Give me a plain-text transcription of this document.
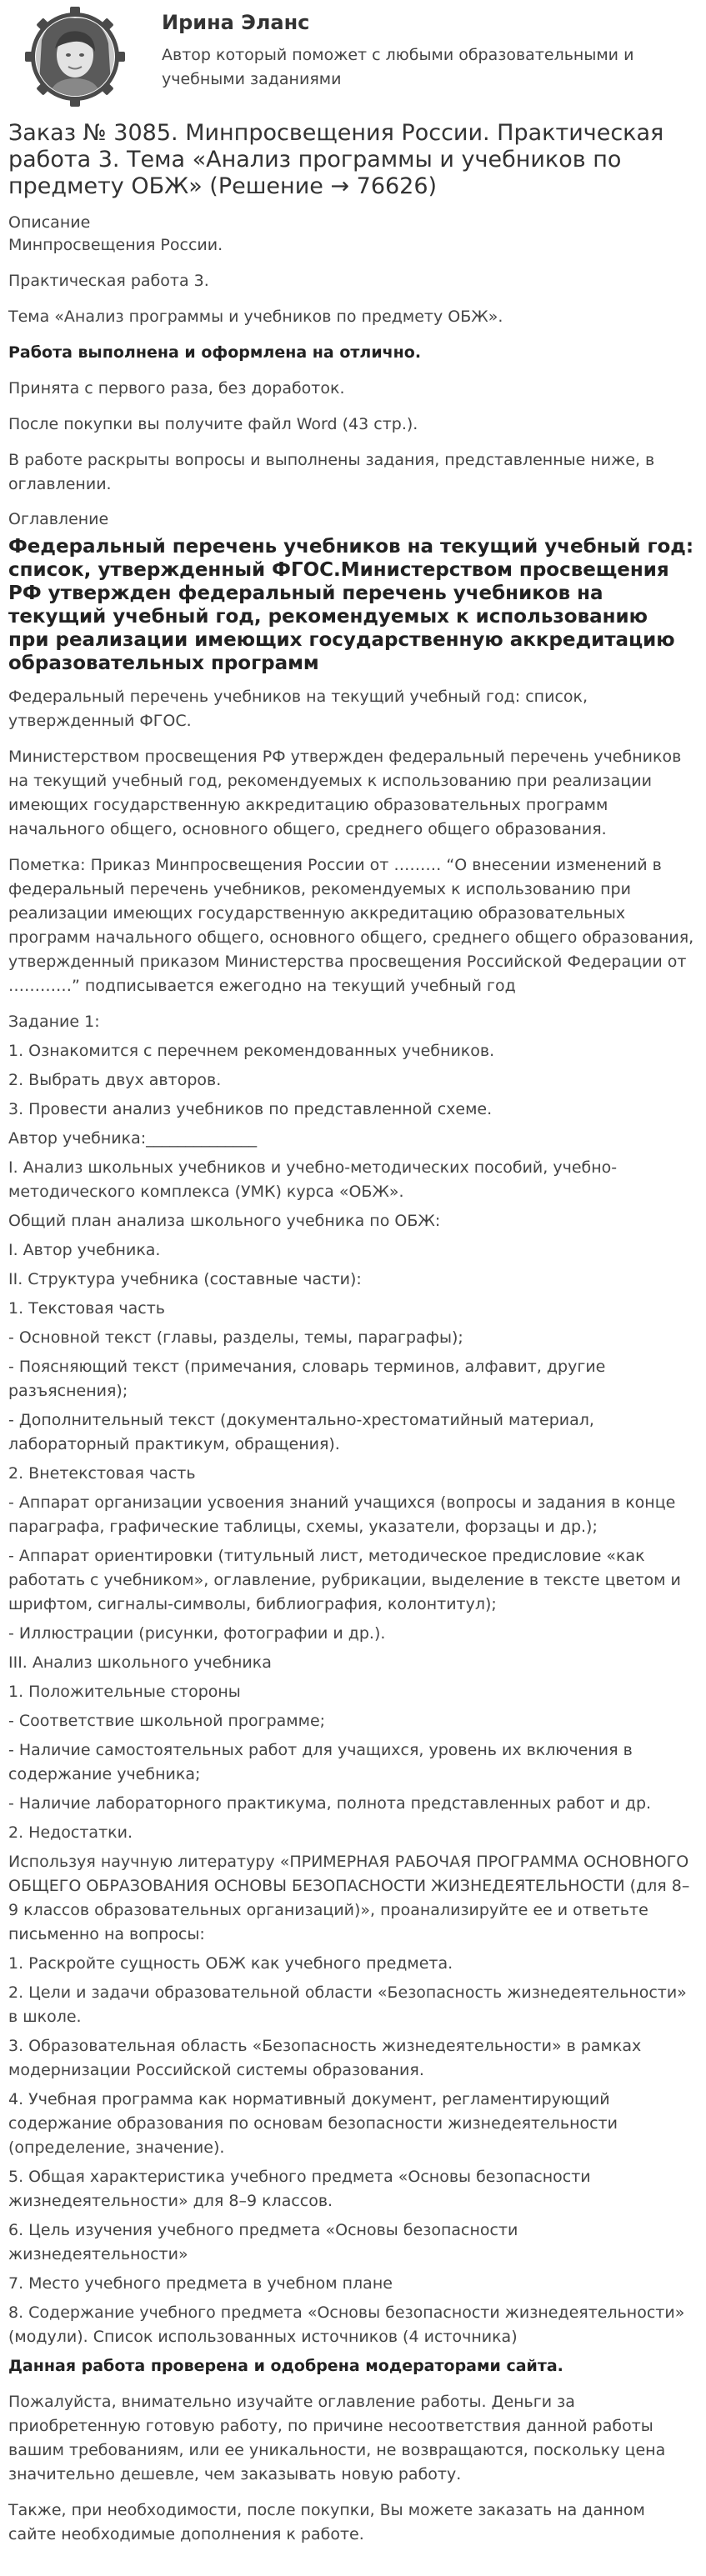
Ирина Эланс

Автор который поможет с любыми образовательными и учебными заданиями

Заказ № 3085. Минпросвещения России. Практическая работа 3. Тема «Анализ программы и учебников по предмету ОБЖ» (Решение → 76626)

Описание

Минпросвещения России.

Практическая работа 3.

Тема «Анализ программы и учебников по предмету ОБЖ».

Работа выполнена и оформлена на отлично.

Принята с первого раза, без доработок.

После покупки вы получите файл Word (43 стр.).

В работе раскрыты вопросы и выполнены задания, представленные ниже, в оглавлении.

Оглавление

Федеральный перечень учебников на текущий учебный год: список, утвержденный ФГОС.Министерством просвещения РФ утвержден федеральный перечень учебников на текущий учебный год, рекомендуемых к использованию при реализации имеющих государственную аккредитацию образовательных программ

Федеральный перечень учебников на текущий учебный год: список, утвержденный ФГОС.

Министерством просвещения РФ утвержден федеральный перечень учебников на текущий учебный год, рекомендуемых к использованию при реализации имеющих государственную аккредитацию образовательных программ начального общего, основного общего, среднего общего образования.

Пометка: Приказ Минпросвещения России от ……… “О внесении изменений в федеральный перечень учебников, рекомендуемых к использованию при реализации имеющих государственную аккредитацию образовательных программ начального общего, основного общего, среднего общего образования, утвержденный приказом Министерства просвещения Российской Федерации от …………” подписывается ежегодно на текущий учебный год

Задание 1:

1. Ознакомится с перечнем рекомендованных учебников.

2. Выбрать двух авторов.

3. Провести анализ учебников по представленной схеме.

Автор учебника:______________

I. Анализ школьных учебников и учебно-методических пособий, учебно-методического комплекса (УМК) курса «ОБЖ».

Общий план анализа школьного учебника по ОБЖ:

I. Автор учебника.

II. Структура учебника (составные части):

1. Текстовая часть

- Основной текст (главы, разделы, темы, параграфы);

- Поясняющий текст (примечания, словарь терминов, алфавит, другие разъяснения);

- Дополнительный текст (документально-хрестоматийный материал, лабораторный практикум, обращения).

2. Внетекстовая часть

- Аппарат организации усвоения знаний учащихся (вопросы и задания в конце параграфа, графические таблицы, схемы, указатели, форзацы и др.);

- Аппарат ориентировки (титульный лист, методическое предисловие «как работать с учебником», оглавление, рубрикации, выделение в тексте цветом и шрифтом, сигналы-символы, библиография, колонтитул);

- Иллюстрации (рисунки, фотографии и др.).

III. Анализ школьного учебника

1. Положительные стороны

- Соответствие школьной программе;

- Наличие самостоятельных работ для учащихся, уровень их включения в содержание учебника;

- Наличие лабораторного практикума, полнота представленных работ и др.

2. Недостатки.

Используя научную литературу «ПРИМЕРНАЯ РАБОЧАЯ ПРОГРАММА ОСНОВНОГО ОБЩЕГО ОБРАЗОВАНИЯ ОСНОВЫ БЕЗОПАСНОСТИ ЖИЗНЕДЕЯТЕЛЬНОСТИ (для 8–9 классов образовательных организаций)», проанализируйте ее и ответьте письменно на вопросы:

1. Раскройте сущность ОБЖ как учебного предмета.

2. Цели и задачи образовательной области «Безопасность жизнедеятельности» в школе.

3. Образовательная область «Безопасность жизнедеятельности» в рамках модернизации Российской системы образования.

4. Учебная программа как нормативный документ, регламентирующий содержание образования по основам безопасности жизнедеятельности (определение, значение).

5. Общая характеристика учебного предмета «Основы безопасности жизнедеятельности» для 8–9 классов.

6. Цель изучения учебного предмета «Основы безопасности жизнедеятельности»

7. Место учебного предмета в учебном плане

8. Содержание учебного предмета «Основы безопасности жизнедеятельности» (модули). Список использованных источников (4 источника)

Данная работа проверена и одобрена модераторами сайта.

Пожалуйста, внимательно изучайте оглавление работы. Деньги за приобретенную готовую работу, по причине несоответствия данной работы вашим требованиям, или ее уникальности, не возвращаются, поскольку цена значительно дешевле, чем заказывать новую работу.

Также, при необходимости, после покупки, Вы можете заказать на данном сайте необходимые дополнения к работе.
